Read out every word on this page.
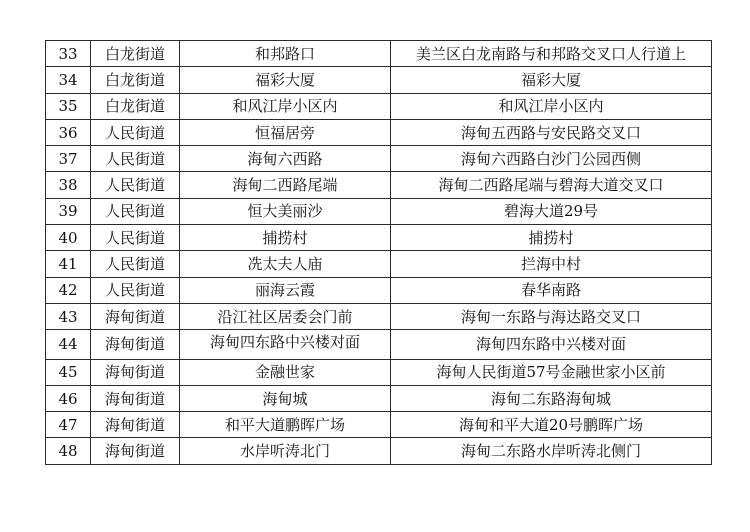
33	白龙街道	和邦路口	美兰区白龙南路与和邦路交叉口人行道上
34	白龙街道	福彩大厦	福彩大厦
35	白龙街道	和风江岸小区内	和风江岸小区内
36	人民街道	恒福居旁	海甸五西路与安民路交叉口
37	人民街道	海甸六西路	海甸六西路白沙门公园西侧
38	人民街道	海甸二西路尾端	海甸二西路尾端与碧海大道交叉口
39	人民街道	恒大美丽沙	碧海大道29号
40	人民街道	捕捞村	捕捞村
41	人民街道	冼太夫人庙	拦海中村
42	人民街道	丽海云霞	春华南路
43	海甸街道	沿江社区居委会门前	海甸一东路与海达路交叉口
44	海甸街道	海甸四东路中兴楼对面	海甸四东路中兴楼对面
45	海甸街道	金融世家	海甸人民街道57号金融世家小区前
46	海甸街道	海甸城	海甸二东路海甸城
47	海甸街道	和平大道鹏晖广场	海甸和平大道20号鹏晖广场
48	海甸街道	水岸听涛北门	海甸二东路水岸听涛北侧门
